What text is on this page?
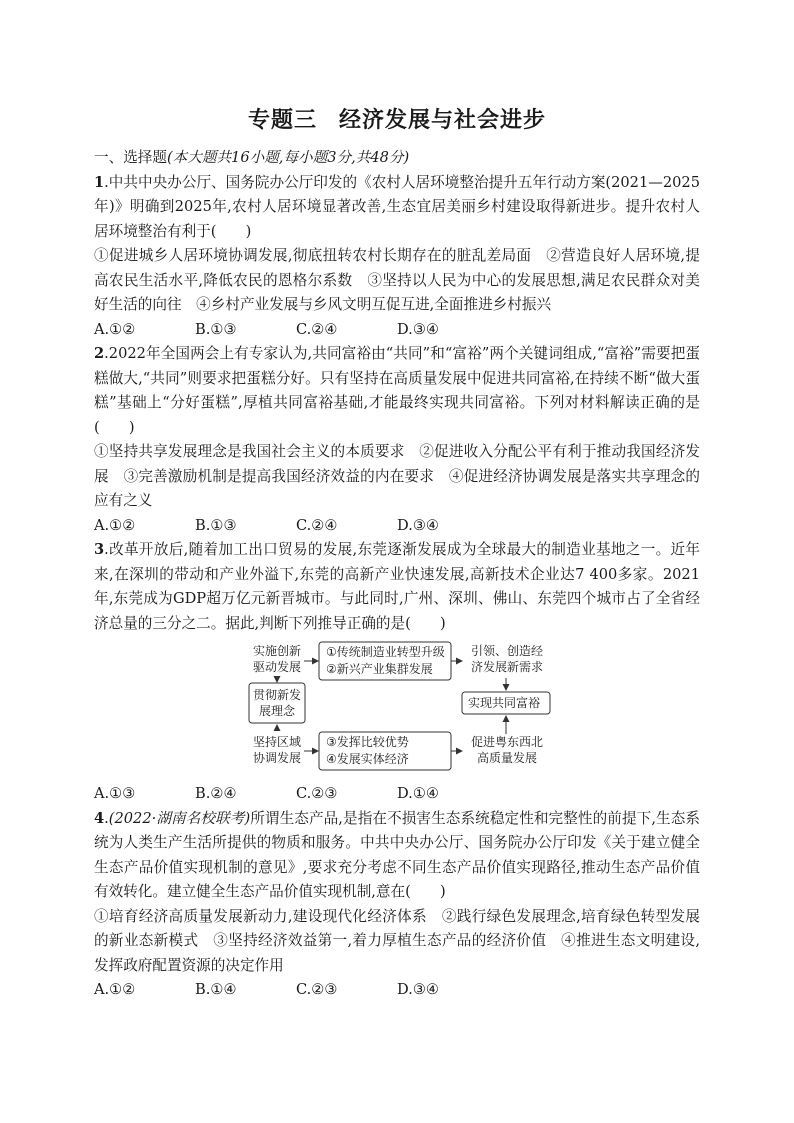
专题三 经济发展与社会进步

一、选择题(本大题共16小题,每小题3分,共48分)

1.中共中央办公厅、国务院办公厅印发的《农村人居环境整治提升五年行动方案(2021—2025年)》明确到2025年,农村人居环境显著改善,生态宜居美丽乡村建设取得新进步。提升农村人居环境整治有利于(　　)

①促进城乡人居环境协调发展,彻底扭转农村长期存在的脏乱差局面　②营造良好人居环境,提高农民生活水平,降低农民的恩格尔系数　③坚持以人民为中心的发展思想,满足农民群众对美好生活的向往　④乡村产业发展与乡风文明互促互进,全面推进乡村振兴

A.①②	B.①③	C.②④	D.③④

2.2022年全国两会上有专家认为,共同富裕由“共同”和“富裕”两个关键词组成,“富裕”需要把蛋糕做大,“共同”则要求把蛋糕分好。只有坚持在高质量发展中促进共同富裕,在持续不断“做大蛋糕”基础上“分好蛋糕”,厚植共同富裕基础,才能最终实现共同富裕。下列对材料解读正确的是(　　)

①坚持共享发展理念是我国社会主义的本质要求　②促进收入分配公平有利于推动我国经济发展　③完善激励机制是提高我国经济效益的内在要求　④促进经济协调发展是落实共享理念的应有之义

A.①②	B.①③	C.②④	D.③④

3.改革开放后,随着加工出口贸易的发展,东莞逐渐发展成为全球最大的制造业基地之一。近年来,在深圳的带动和产业外溢下,东莞的高新产业快速发展,高新技术企业达7 400多家。2021年,东莞成为GDP超万亿元新晋城市。与此同时,广州、深圳、佛山、东莞四个城市占了全省经济总量的三分之二。据此,判断下列推导正确的是(　　)

实施创新驱动发展
贯彻新发展理念
坚持区域协调发展
①传统制造业转型升级
②新兴产业集群发展
③发挥比较优势
④发展实体经济
引领、创造经济发展新需求
实现共同富裕
促进粤东西北高质量发展
A.①③	B.②④	C.②③	D.①④

4.(2022·湖南名校联考)所谓生态产品,是指在不损害生态系统稳定性和完整性的前提下,生态系统为人类生产生活所提供的物质和服务。中共中央办公厅、国务院办公厅印发《关于建立健全生态产品价值实现机制的意见》,要求充分考虑不同生态产品价值实现路径,推动生态产品价值有效转化。建立健全生态产品价值实现机制,意在(　　)

①培育经济高质量发展新动力,建设现代化经济体系　②践行绿色发展理念,培育绿色转型发展的新业态新模式　③坚持经济效益第一,着力厚植生态产品的经济价值　④推进生态文明建设,发挥政府配置资源的决定作用

A.①②	B.①④	C.②③	D.③④
